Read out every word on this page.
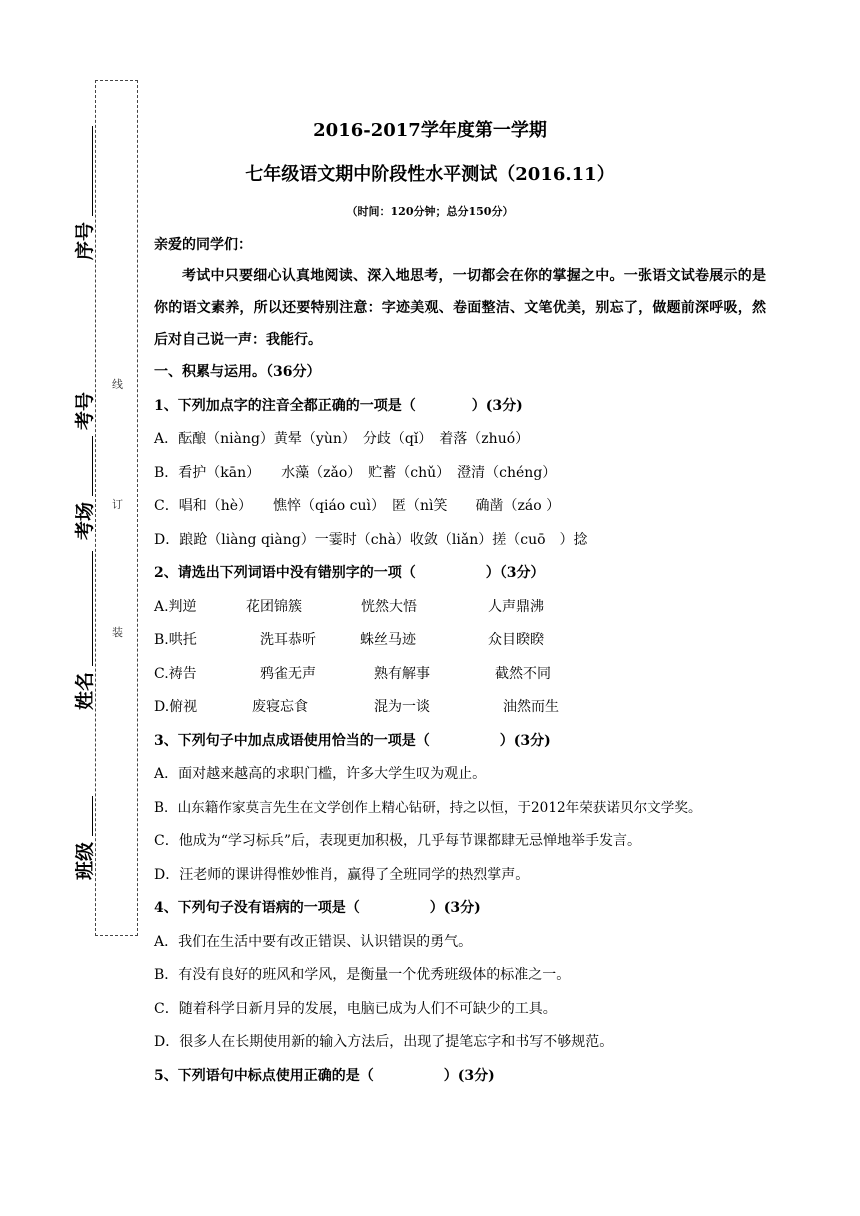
线
订
装
序号
考号
考场
姓名
班级
2016-2017学年度第一学期
七年级语文期中阶段性水平测试（2016.11）
（时间：120分钟；总分150分）

亲爱的同学们：

考试中只要细心认真地阅读、深入地思考，一切都会在你的掌握之中。一张语文试卷展示的是你的语文素养，所以还要特别注意：字迹美观、卷面整洁、文笔优美，别忘了，做题前深呼吸，然后对自己说一声：我能行。

一、积累与运用。（36分）

1、下列加点字的注音全都正确的一项是（　　　　）(3分)

A．酝酿（niàng）黄晕（yùn）　分歧（qǐ）　着落（zhuó）

B．看护（kān）　　水藻（zǎo）　贮蓄（chǔ）　澄清（chéng）

C．唱和（hè）　　憔悴（qiáo cuì）　匿（nì笑　　确凿（záo ）

D．踉跄（liàng qiàng）一霎时（chà）收敛（liǎn）搓（cuō　）捻

2、请选出下列词语中没有错别字的一项（　　　　　）（3分）

A.判逆	花团锦簇	恍然大悟	人声鼎沸
B.哄托	洗耳恭听	蛛丝马迹	众目睽睽
C.祷告	鸦雀无声	熟有解事	截然不同
D.俯视	废寝忘食	混为一谈	油然而生

3、下列句子中加点成语使用恰当的一项是（　　　　　）(3分)

A．面对越来越高的求职门槛，许多大学生叹为观止。

B．山东籍作家莫言先生在文学创作上精心钻研，持之以恒，于2012年荣获诺贝尔文学奖。

C．他成为“学习标兵”后，表现更加积极，几乎每节课都肆无忌惮地举手发言。

D．汪老师的课讲得惟妙惟肖，赢得了全班同学的热烈掌声。

4、下列句子没有语病的一项是（　　　　　）(3分)

A．我们在生活中要有改正错误、认识错误的勇气。

B．有没有良好的班风和学风，是衡量一个优秀班级体的标准之一。

C．随着科学日新月异的发展，电脑已成为人们不可缺少的工具。

D．很多人在长期使用新的输入方法后，出现了提笔忘字和书写不够规范。

5、下列语句中标点使用正确的是（　　　　　）(3分)
